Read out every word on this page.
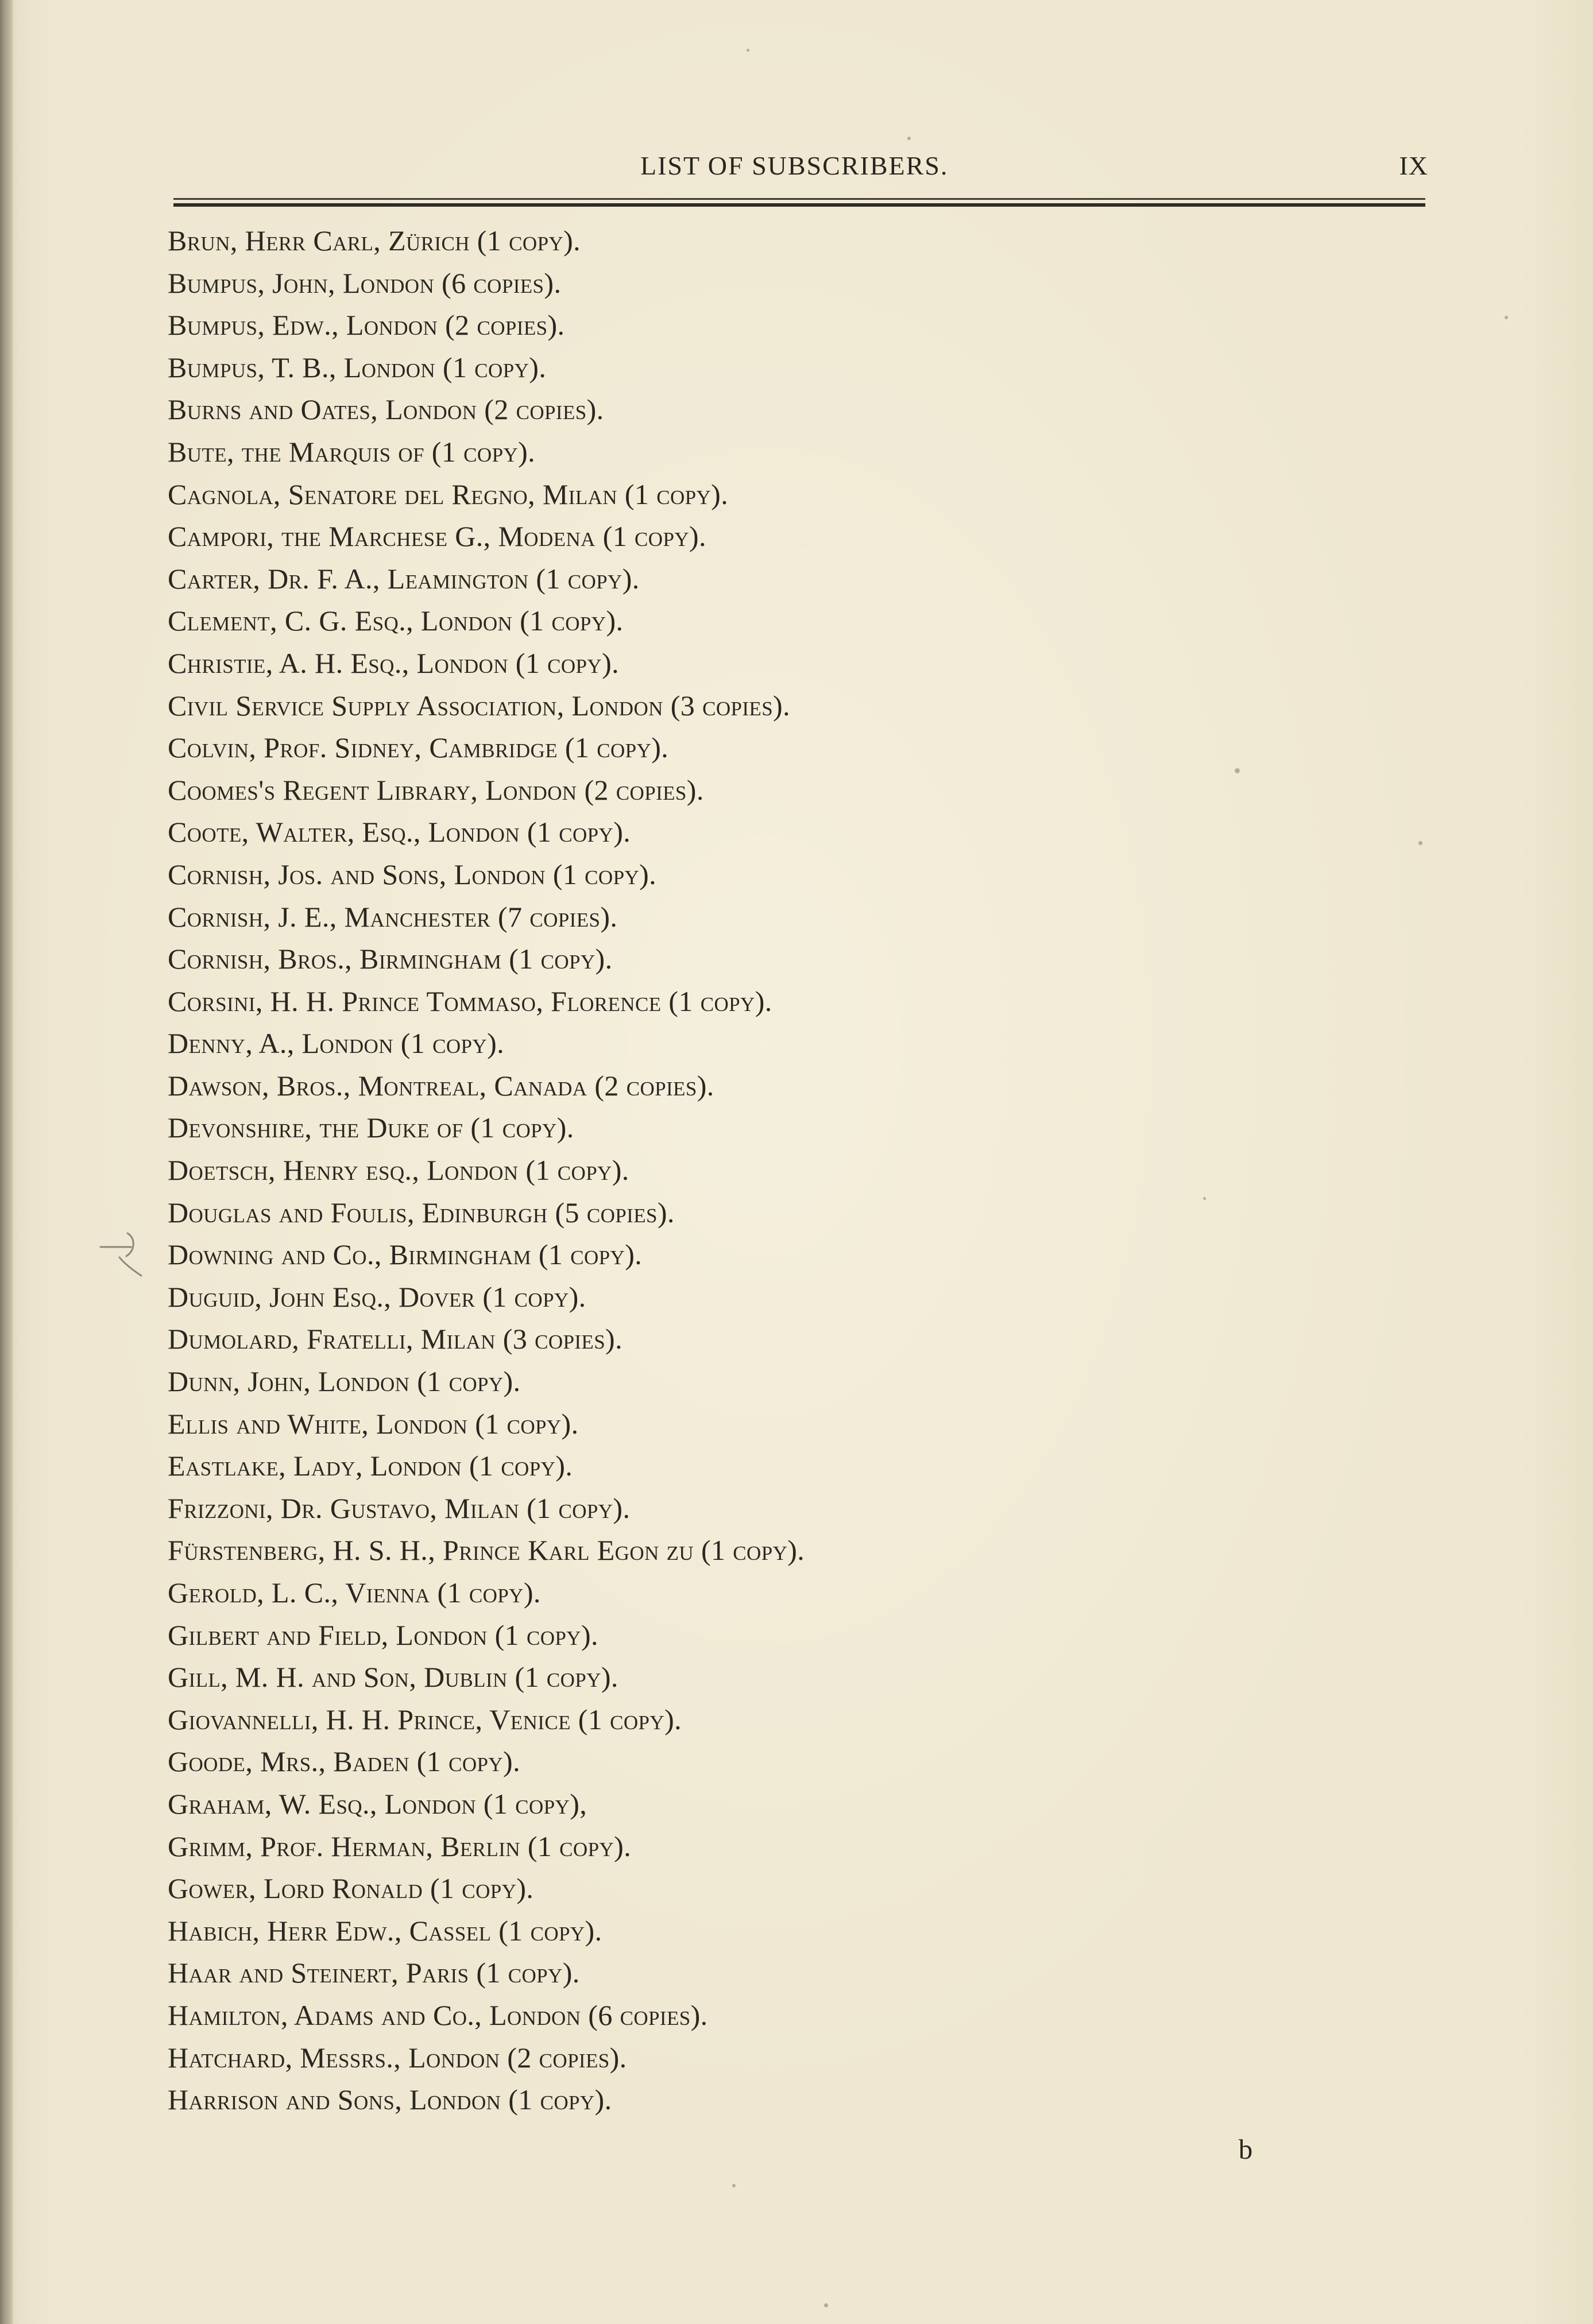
LIST OF SUBSCRIBERS.	IX
Brun, Herr Carl, Zürich (1 copy).
Bumpus, John, London (6 copies).
Bumpus, Edw., London (2 copies).
Bumpus, T. B., London (1 copy).
Burns and Oates, London (2 copies).
Bute, the Marquis of (1 copy).
Cagnola, Senatore del Regno, Milan (1 copy).
Campori, the Marchese G., Modena (1 copy).
Carter, Dr. F. A., Leamington (1 copy).
Clement, C. G. Esq., London (1 copy).
Christie, A. H. Esq., London (1 copy).
Civil Service Supply Association, London (3 copies).
Colvin, Prof. Sidney, Cambridge (1 copy).
Coomes's Regent Library, London (2 copies).
Coote, Walter, Esq., London (1 copy).
Cornish, Jos. and Sons, London (1 copy).
Cornish, J. E., Manchester (7 copies).
Cornish, Bros., Birmingham (1 copy).
Corsini, H. H. Prince Tommaso, Florence (1 copy).
Denny, A., London (1 copy).
Dawson, Bros., Montreal, Canada (2 copies).
Devonshire, the Duke of (1 copy).
Doetsch, Henry esq., London (1 copy).
Douglas and Foulis, Edinburgh (5 copies).
Downing and Co., Birmingham (1 copy).
Duguid, John Esq., Dover (1 copy).
Dumolard, Fratelli, Milan (3 copies).
Dunn, John, London (1 copy).
Ellis and White, London (1 copy).
Eastlake, Lady, London (1 copy).
Frizzoni, Dr. Gustavo, Milan (1 copy).
Fürstenberg, H. S. H., Prince Karl Egon zu (1 copy).
Gerold, L. C., Vienna (1 copy).
Gilbert and Field, London (1 copy).
Gill, M. H. and Son, Dublin (1 copy).
Giovannelli, H. H. Prince, Venice (1 copy).
Goode, Mrs., Baden (1 copy).
Graham, W. Esq., London (1 copy),
Grimm, Prof. Herman, Berlin (1 copy).
Gower, Lord Ronald (1 copy).
Habich, Herr Edw., Cassel (1 copy).
Haar and Steinert, Paris (1 copy).
Hamilton, Adams and Co., London (6 copies).
Hatchard, Messrs., London (2 copies).
Harrison and Sons, London (1 copy).
b
